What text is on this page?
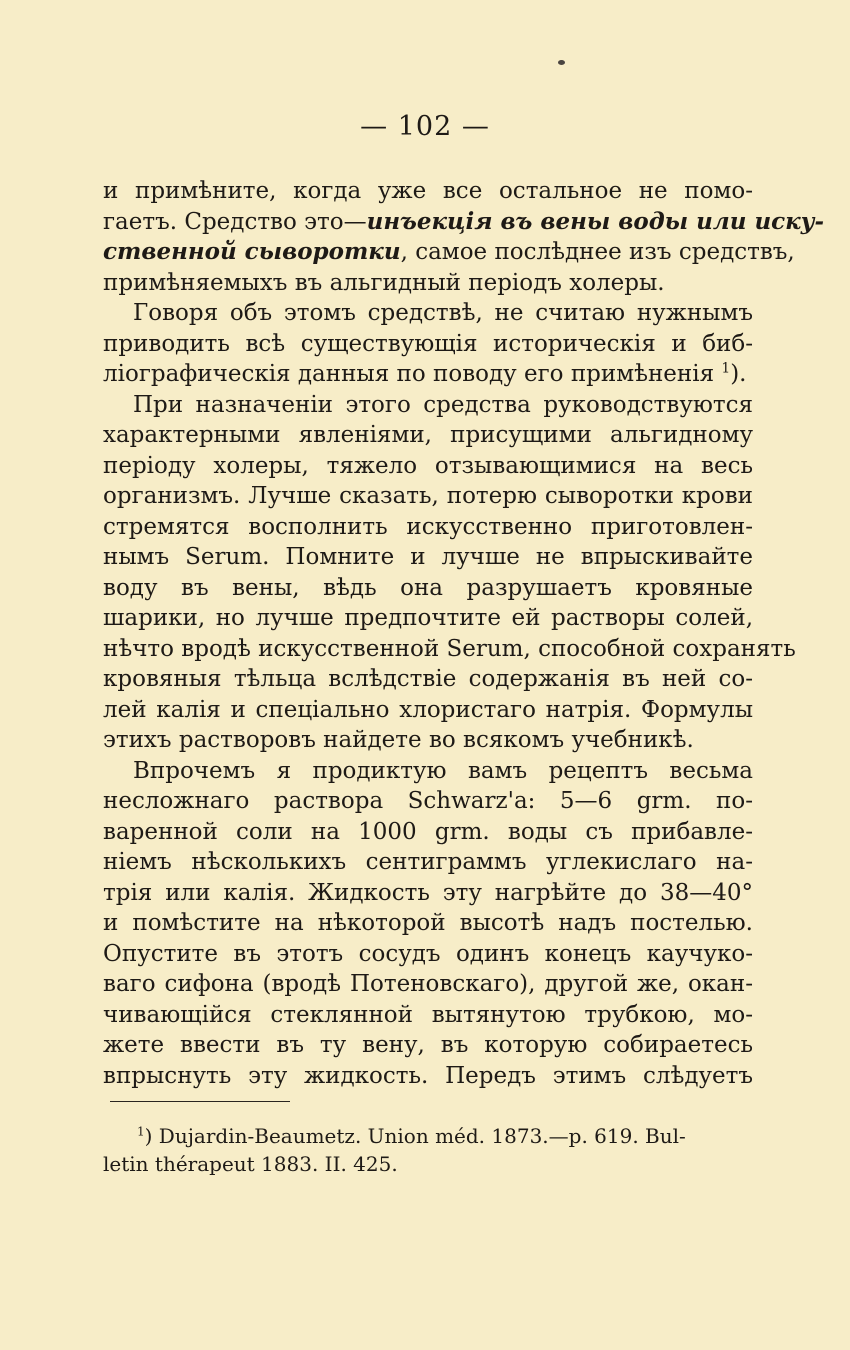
— 102 —
и примѣните, когда уже все остальное не помо-
гаетъ. Средство это—инъекція въ вены воды или иску-
ственной сыворотки, самое послѣднее изъ средствъ,
примѣняемыхъ въ альгидный періодъ холеры.
Говоря объ этомъ средствѣ, не считаю нужнымъ
приводить всѣ существующія историческія и биб-
ліографическія данныя по поводу его примѣненія $^1$).
При назначеніи этого средства руководствуются
характерными явленіями, присущими альгидному
періоду холеры, тяжело отзывающимися на весь
организмъ. Лучше сказать, потерю сыворотки крови
стремятся восполнить искусственно приготовлен-
нымъ Serum. Помните и лучше не впрыскивайте
воду въ вены, вѣдь она разрушаетъ кровяные
шарики, но лучше предпочтите ей растворы солей,
нѣчто вродѣ искусственной Serum, способной сохранять
кровяныя тѣльца вслѣдствіе содержанія въ ней со-
лей калія и спеціально хлористаго натрія. Формулы
этихъ растворовъ найдете во всякомъ учебникѣ.
Впрочемъ я продиктую вамъ рецептъ весьма
несложнаго раствора Schwarz'a: 5—6 grm. по-
варенной соли на 1000 grm. воды съ прибавле-
ніемъ нѣсколькихъ сентиграммъ углекислаго на-
трія или калія. Жидкость эту нагрѣйте до 38—40°
и помѣстите на нѣкоторой высотѣ надъ постелью.
Опустите въ этотъ сосудъ одинъ конецъ каучуко-
ваго сифона (вродѣ Потеновскаго), другой же, окан-
чивающійся стеклянной вытянутою трубкою, мо-
жете ввести въ ту вену, въ которую собираетесь
впрыснуть эту жидкость. Передъ этимъ слѣдуетъ
$^1$) Dujardin-Beaumetz. Union méd. 1873.—p. 619. Bul-
letin thérapeut 1883. II. 425.
